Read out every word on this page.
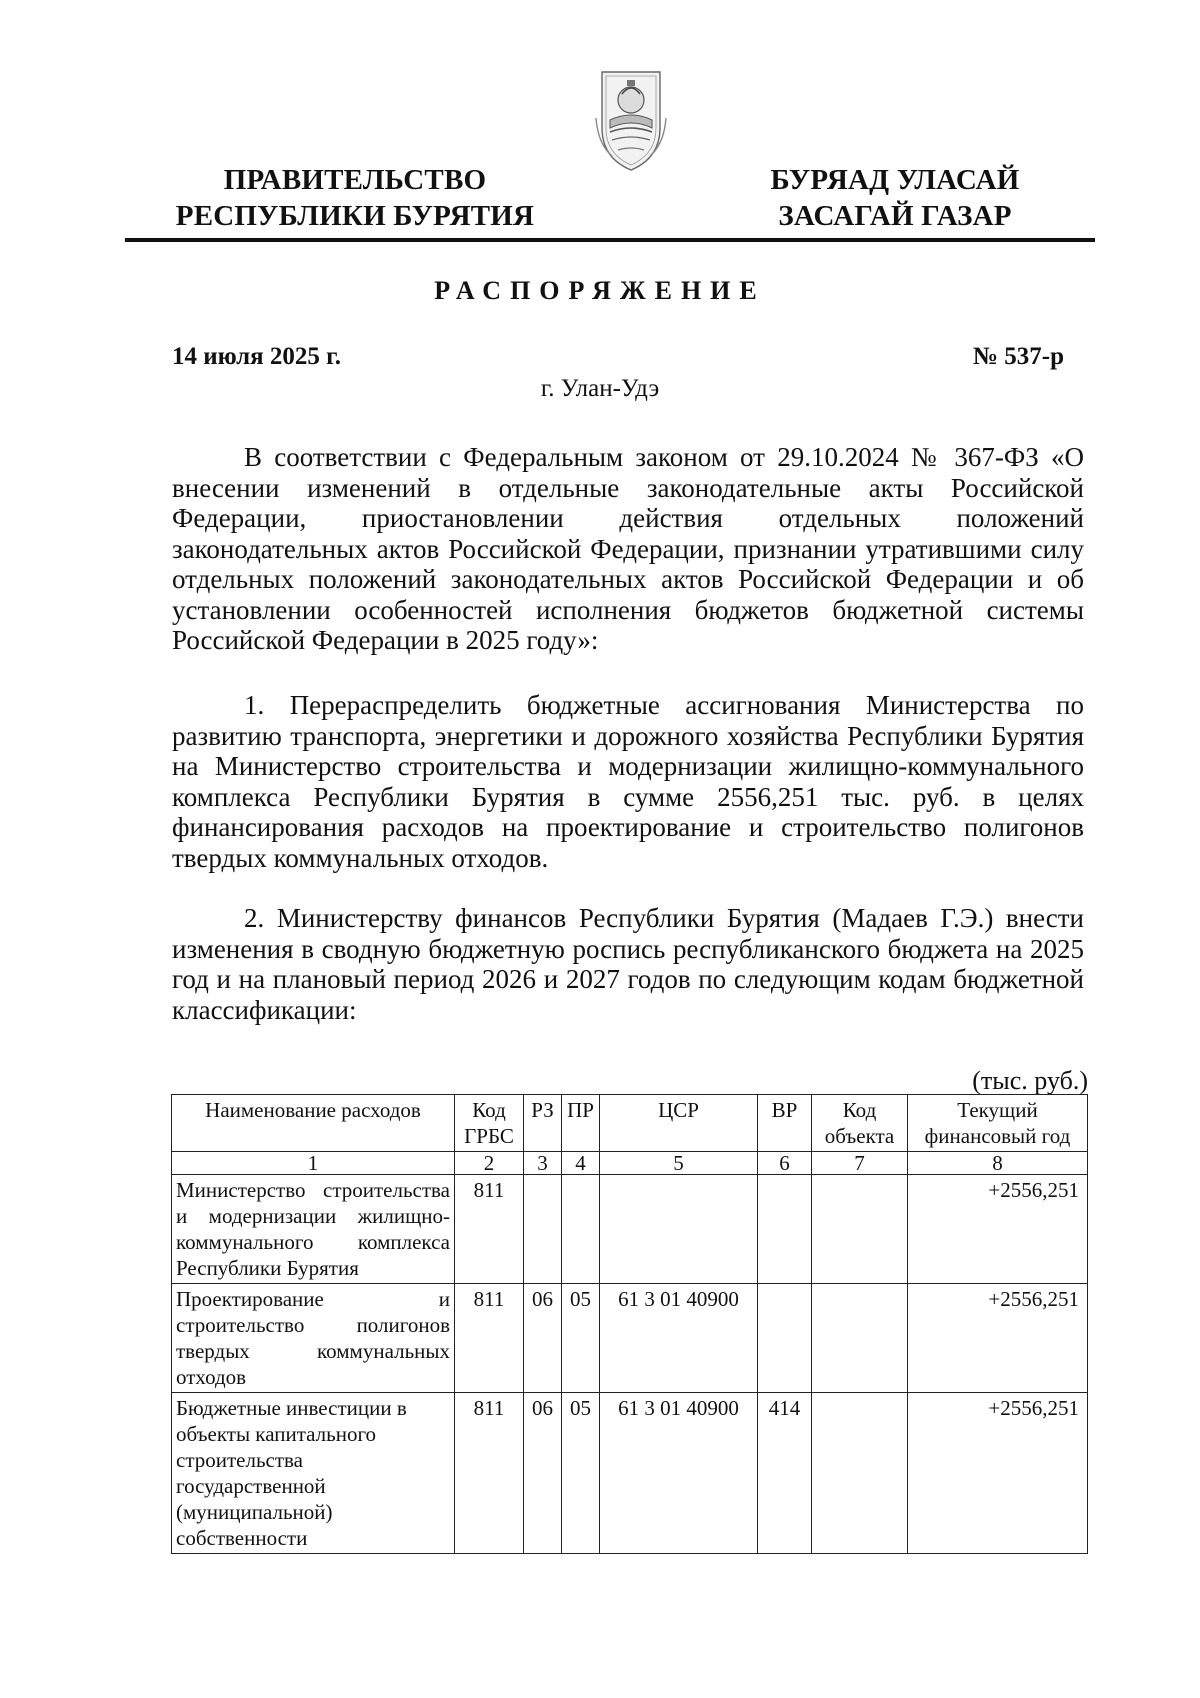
ПРАВИТЕЛЬСТВО
РЕСПУБЛИКИ БУРЯТИЯ
БУРЯАД УЛАСАЙ
ЗАСАГАЙ ГАЗАР
РАСПОРЯЖЕНИЕ
14 июля 2025 г.	№ 537-р
г. Улан-Удэ
В соответствии с Федеральным законом от 29.10.2024 № 367-ФЗ «О внесении изменений в отдельные законодательные акты Российской Федерации, приостановлении действия отдельных положений законодательных актов Российской Федерации, признании утратившими силу отдельных положений законодательных актов Российской Федерации и об установлении особенностей исполнения бюджетов бюджетной системы Российской Федерации в 2025 году»:
1. Перераспределить бюджетные ассигнования Министерства по развитию транспорта, энергетики и дорожного хозяйства Республики Бурятия на Министерство строительства и модернизации жилищно-коммунального комплекса Республики Бурятия в сумме 2556,251 тыс. руб. в целях финансирования расходов на проектирование и строительство полигонов твердых коммунальных отходов.
2. Министерству финансов Республики Бурятия (Мадаев Г.Э.) внести изменения в сводную бюджетную роспись республиканского бюджета на 2025 год и на плановый период 2026 и 2027 годов по следующим кодам бюджетной классификации:
(тыс. руб.)
Наименование расходов	Код ГРБС	РЗ	ПР	ЦСР	ВР	Код объекта	Текущий финансовый год
1	2	3	4	5	6	7	8
Министерство строительства и модернизации жилищно-коммунального комплекса Республики Бурятия	811						+2556,251
Проектирование и строительство полигонов твердых коммунальных отходов	811	06	05	61 3 01 40900			+2556,251
Бюджетные инвестиции в объекты капитального строительства государственной (муниципальной) собственности	811	06	05	61 3 01 40900	414		+2556,251
